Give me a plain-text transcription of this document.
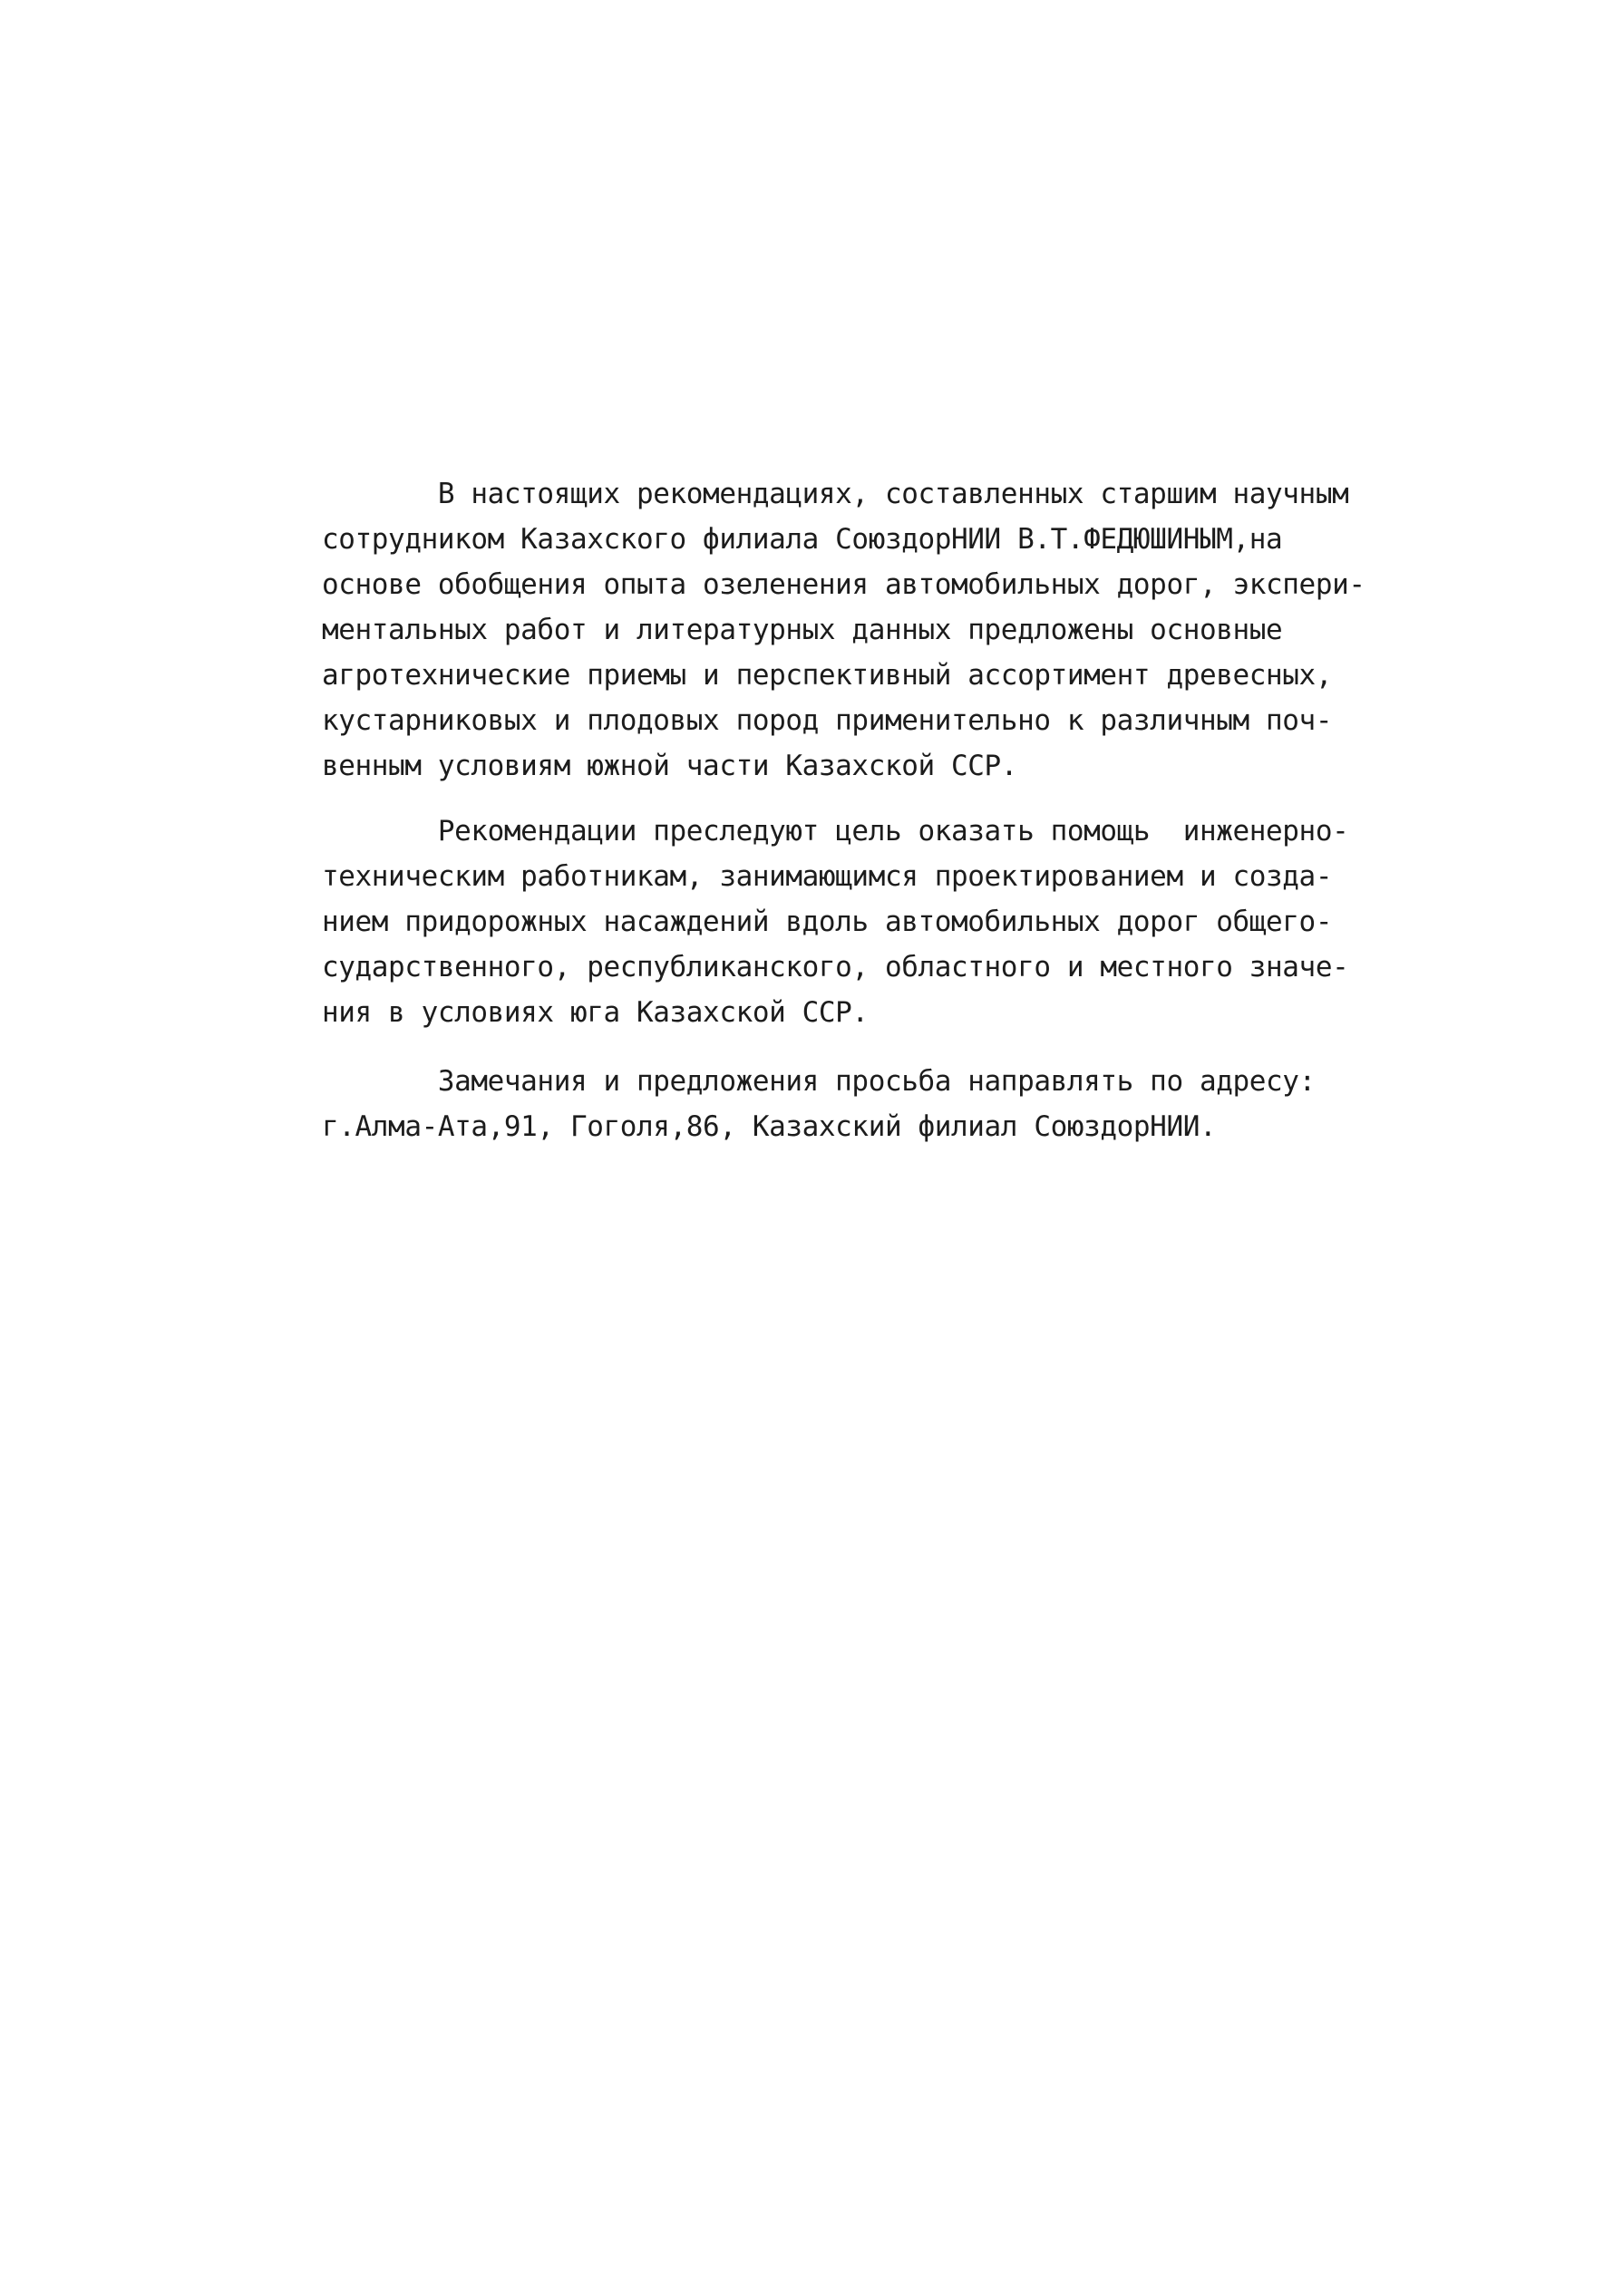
В настоящих рекомендациях, составленных старшим научным
сотрудником Казахского филиала СоюздорНИИ В.Т.ФЕДЮШИНЫМ,на
основе обобщения опыта озеленения автомобильных дорог, экспери-
ментальных работ и литературных данных предложены основные
агротехнические приемы и перспективный ассортимент древесных,
кустарниковых и плодовых пород применительно к различным поч-
венным условиям южной части Казахской ССР.
Рекомендации преследуют цель оказать помощь  инженерно-
техническим работникам, занимающимся проектированием и созда-
нием придорожных насаждений вдоль автомобильных дорог общего-
сударственного, республиканского, областного и местного значе-
ния в условиях юга Казахской ССР.
Замечания и предложения просьба направлять по адресу:
г.Алма-Ата,91, Гоголя,86, Казахский филиал СоюздорНИИ.
